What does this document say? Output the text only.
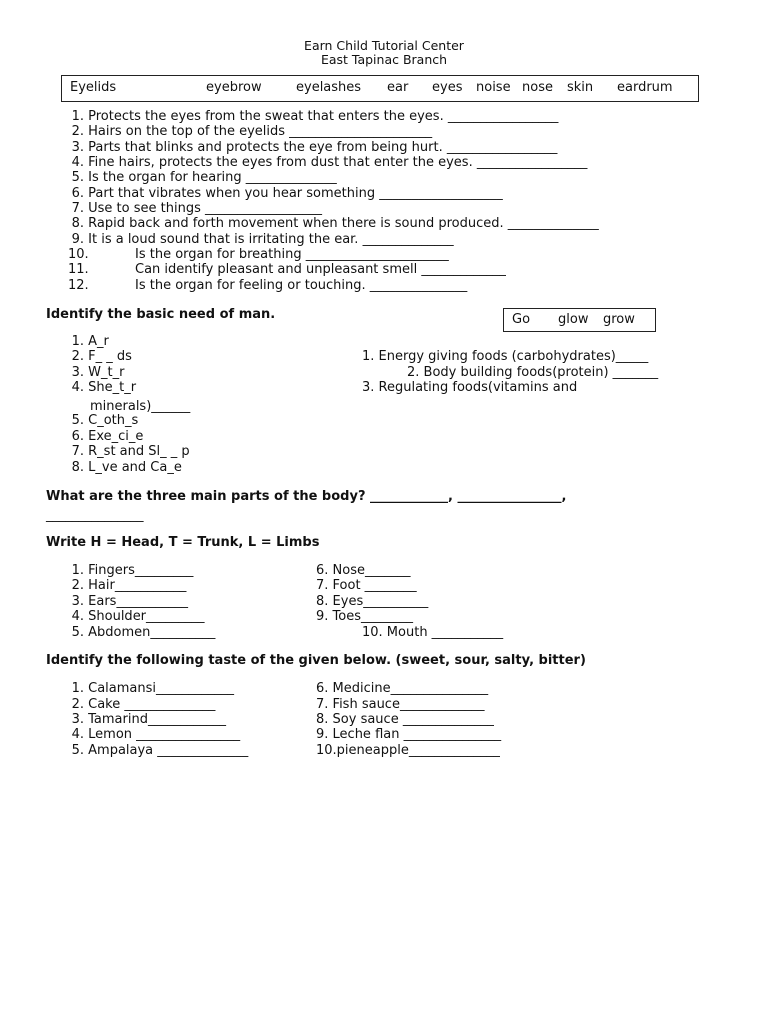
Earn Child Tutorial Center
East Tapinac Branch
Eyelids	eyebrow	eyelashes ear eyes noise nose skin eardrum
1. Protects the eyes from the sweat that enters the eyes. _________________
2. Hairs on the top of the eyelids ______________________
3. Parts that blinks and protects the eye from being hurt. _________________
4. Fine hairs, protects the eyes from dust that enter the eyes. _________________
5. Is the organ for hearing ______________
6. Part that vibrates when you hear something ___________________
7. Use to see things __________________
8. Rapid back and forth movement when there is sound produced. ______________
9. It is a loud sound that is irritating the ear. ______________
10.	Is the organ for breathing ______________________
11.	Can identify pleasant and unpleasant smell _____________
12.	Is the organ for feeling or touching. _______________
Identify the basic need of man.	Go glow grow
1. A_r
2. F_ _ ds
3. W_t_r
4. She_t_r
minerals)______
5. C_oth_s
6. Exe_ci_e
7. R_st and Sl_ _ p
8. L_ve and Ca_e
1. Energy giving foods (carbohydrates)_____
2. Body building foods(protein) _______
3. Regulating foods(vitamins and
What are the three main parts of the body? ____________, ________________,
_______________
Write H = Head, T = Trunk, L = Limbs
1. Fingers_________
2. Hair___________
3. Ears___________
4. Shoulder_________
5. Abdomen__________
6. Nose_______
7. Foot ________
8. Eyes__________
9. Toes________
10. Mouth ___________
Identify the following taste of the given below. (sweet, sour, salty, bitter)
1. Calamansi____________
2. Cake ______________
3. Tamarind____________
4. Lemon ________________
5. Ampalaya ______________
6. Medicine_______________
7. Fish sauce_____________
8. Soy sauce ______________
9. Leche flan _______________
10.pieneapple______________
